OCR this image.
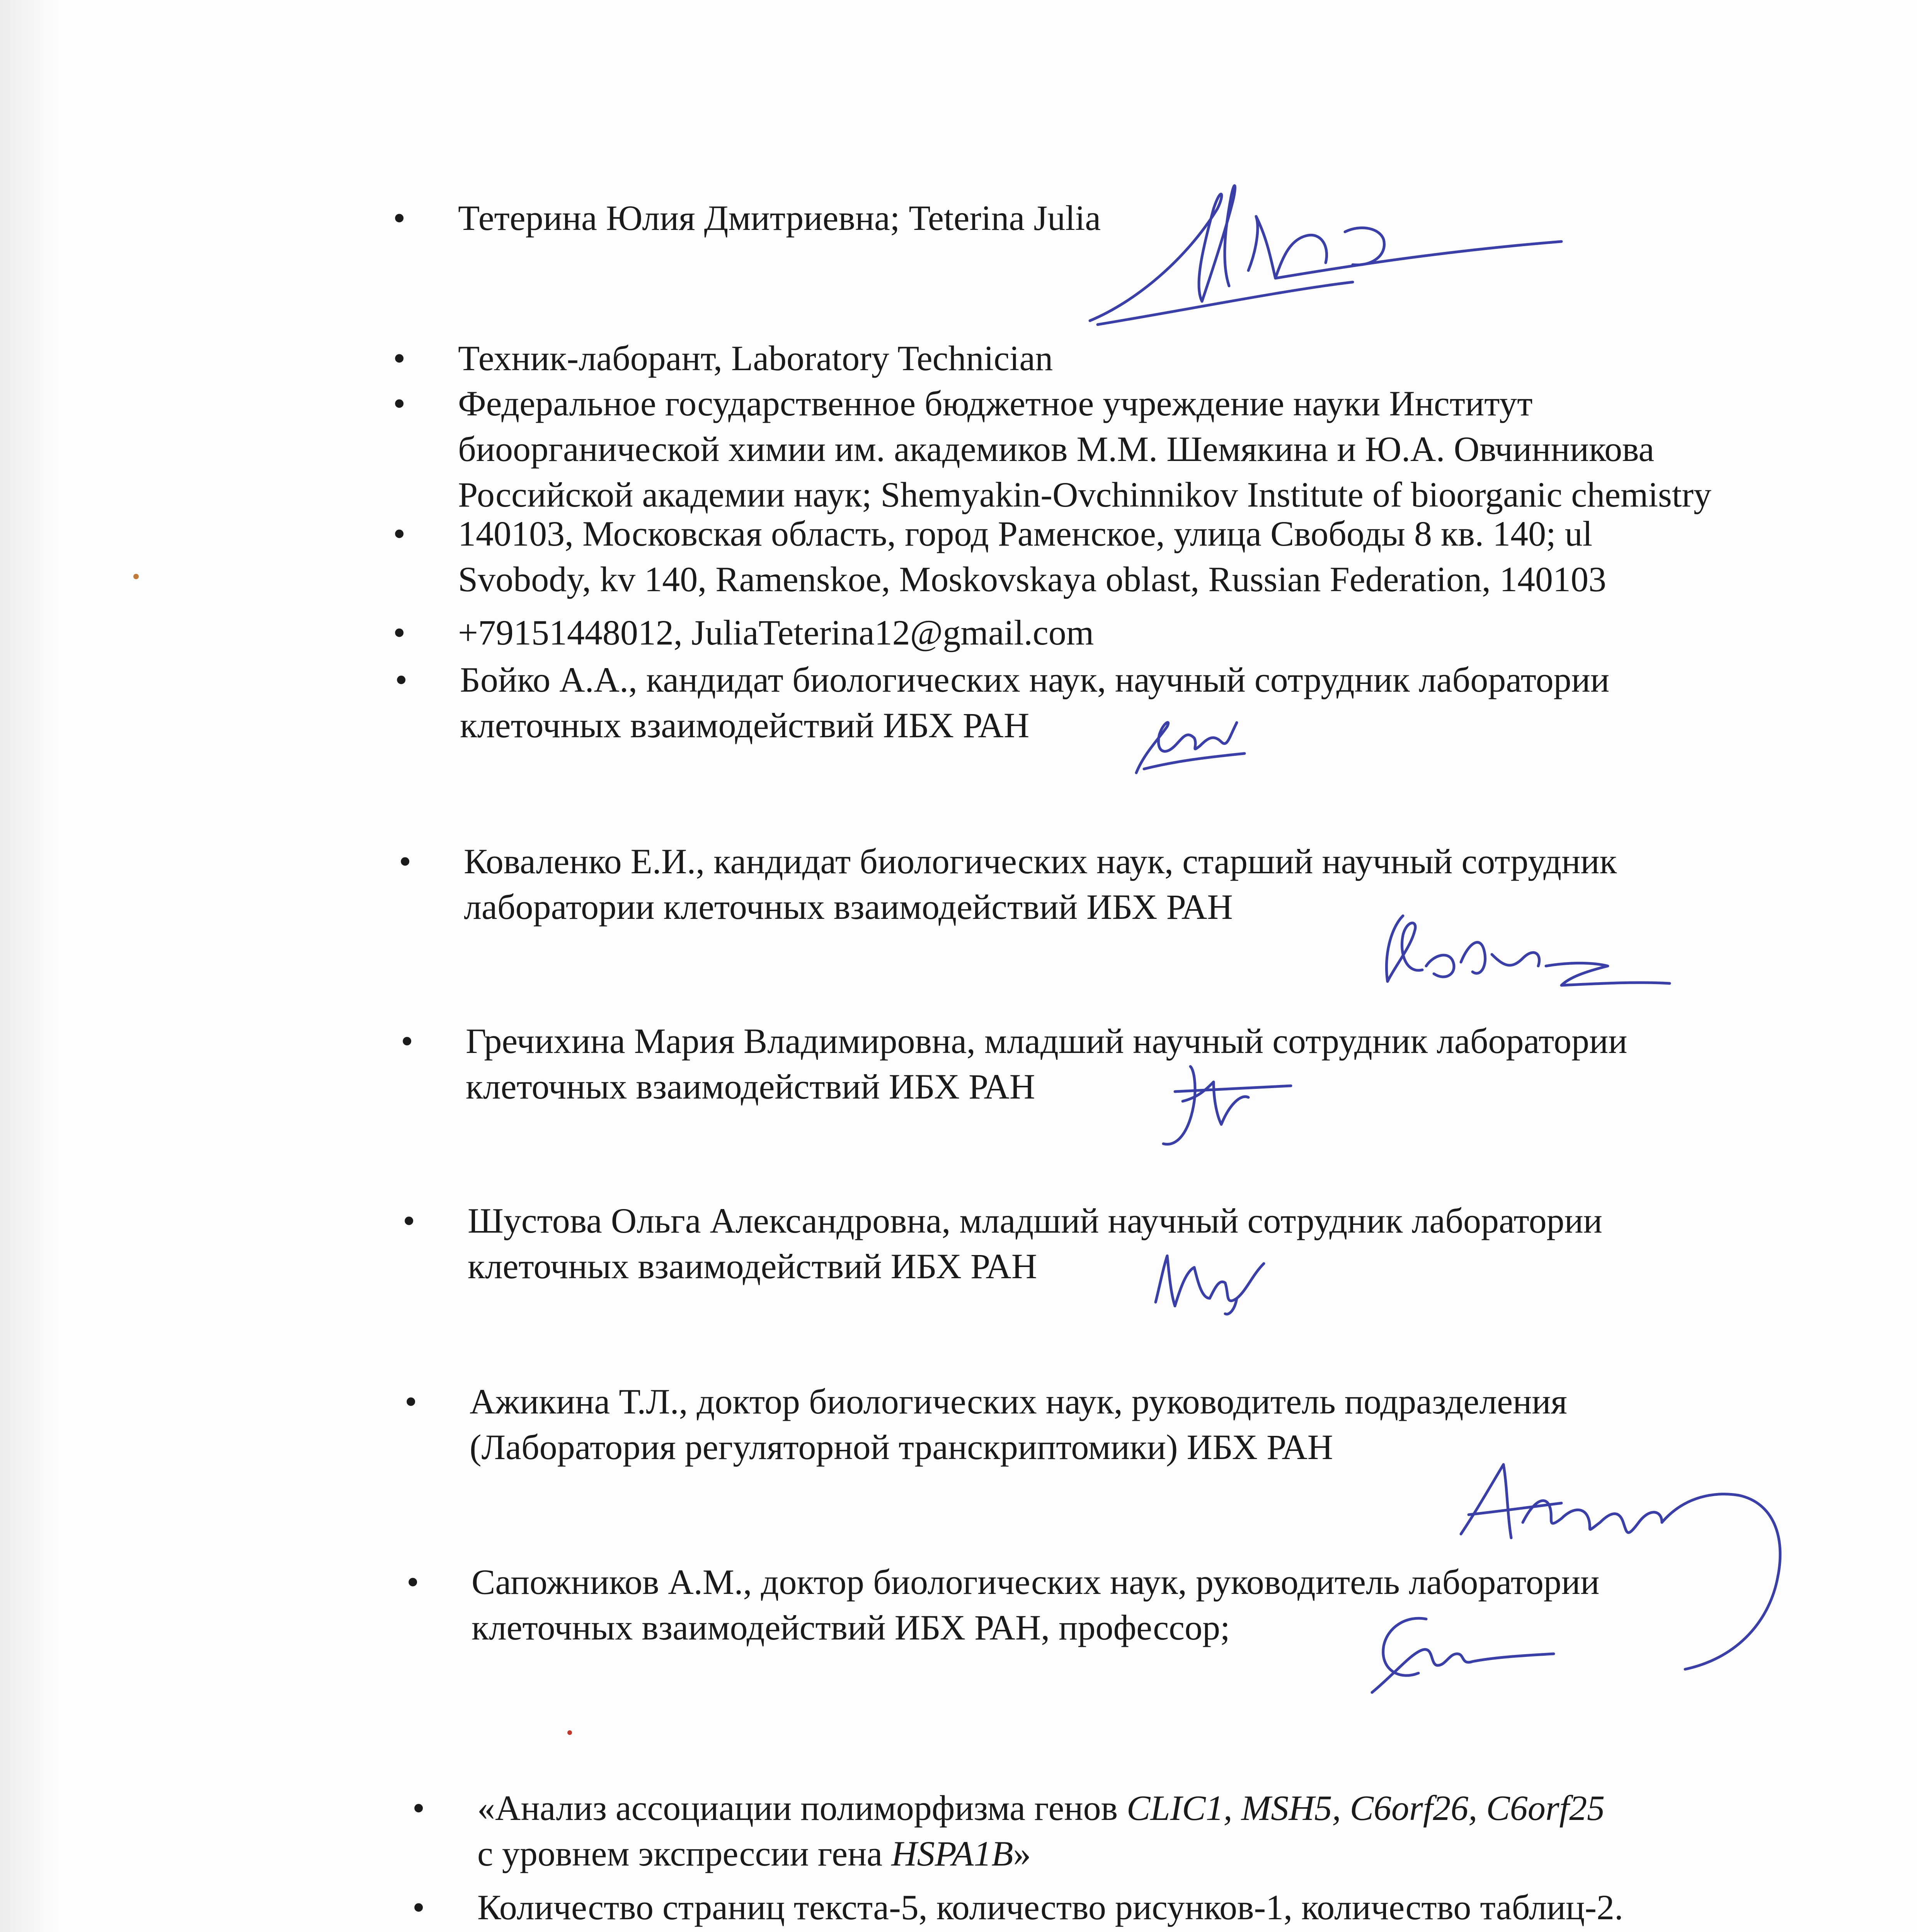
• Тетерина Юлия Дмитриевна; Teterina Julia
• Техник-лаборант, Laboratory Technician
• Федеральное государственное бюджетное учреждение науки Институт
биоорганической химии им. академиков М.М. Шемякина и Ю.А. Овчинникова
Российской академии наук; Shemyakin-Ovchinnikov Institute of bioorganic chemistry
• 140103, Московская область, город Раменское, улица Свободы 8 кв. 140; ul
Svobody, kv 140, Ramenskoe, Moskovskaya oblast, Russian Federation, 140103
• +79151448012, JuliaTeterina12@gmail.com
• Бойко А.А., кандидат биологических наук, научный сотрудник лаборатории
клеточных взаимодействий ИБХ РАН
• Коваленко Е.И., кандидат биологических наук, старший научный сотрудник
лаборатории клеточных взаимодействий ИБХ РАН
• Гречихина Мария Владимировна, младший научный сотрудник лаборатории
клеточных взаимодействий ИБХ РАН
• Шустова Ольга Александровна, младший научный сотрудник лаборатории
клеточных взаимодействий ИБХ РАН
• Ажикина Т.Л., доктор биологических наук, руководитель подразделения
(Лаборатория регуляторной транскриптомики) ИБХ РАН
• Сапожников А.М., доктор биологических наук, руководитель лаборатории
клеточных взаимодействий ИБХ РАН, профессор;
• «Анализ ассоциации полиморфизма генов CLIC1, MSH5, C6orf26, C6orf25
с уровнем экспрессии гена HSPA1B»
• Количество страниц текста-5, количество рисунков-1, количество таблиц-2.
